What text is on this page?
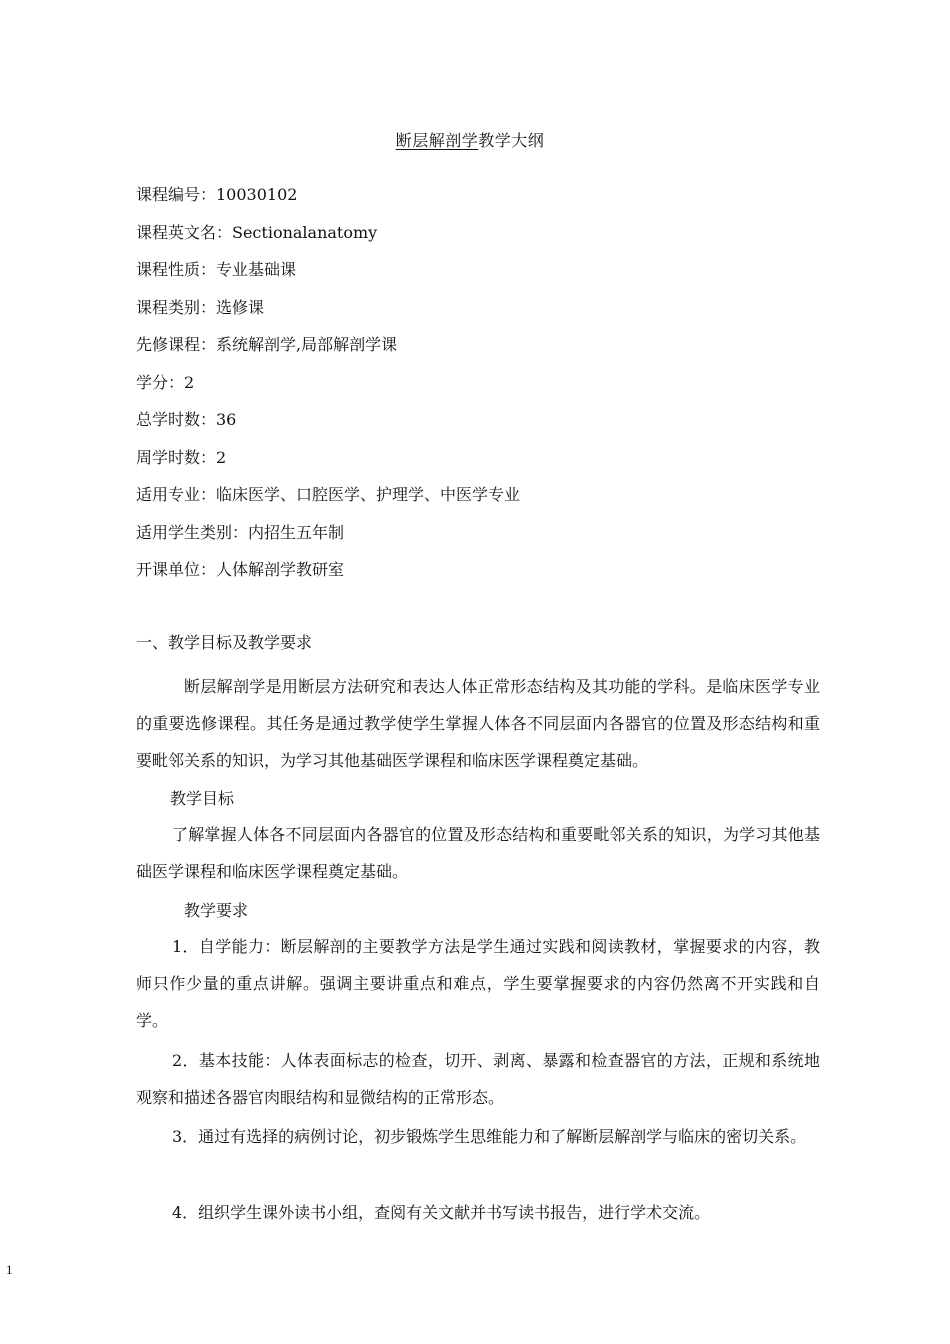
断层解剖学教学大纲
课程编号：10030102
课程英文名：Sectionalanatomy
课程性质：专业基础课
课程类别：选修课
先修课程：系统解剖学,局部解剖学课
学分：2
总学时数：36
周学时数：2
适用专业：临床医学、口腔医学、护理学、中医学专业
适用学生类别：内招生五年制
开课单位：人体解剖学教研室
一、教学目标及教学要求
断层解剖学是用断层方法研究和表达人体正常形态结构及其功能的学科。是临床医学专业的重要选修课程。其任务是通过教学使学生掌握人体各不同层面内各器官的位置及形态结构和重要毗邻关系的知识，为学习其他基础医学课程和临床医学课程奠定基础。
教学目标
了解掌握人体各不同层面内各器官的位置及形态结构和重要毗邻关系的知识，为学习其他基础医学课程和临床医学课程奠定基础。
教学要求
1．自学能力：断层解剖的主要教学方法是学生通过实践和阅读教材，掌握要求的内容，教师只作少量的重点讲解。强调主要讲重点和难点，学生要掌握要求的内容仍然离不开实践和自学。
2．基本技能：人体表面标志的检查，切开、剥离、暴露和检查器官的方法，正规和系统地观察和描述各器官肉眼结构和显微结构的正常形态。
3．通过有选择的病例讨论，初步锻炼学生思维能力和了解断层解剖学与临床的密切关系。
4．组织学生课外读书小组，查阅有关文献并书写读书报告，进行学术交流。
1
